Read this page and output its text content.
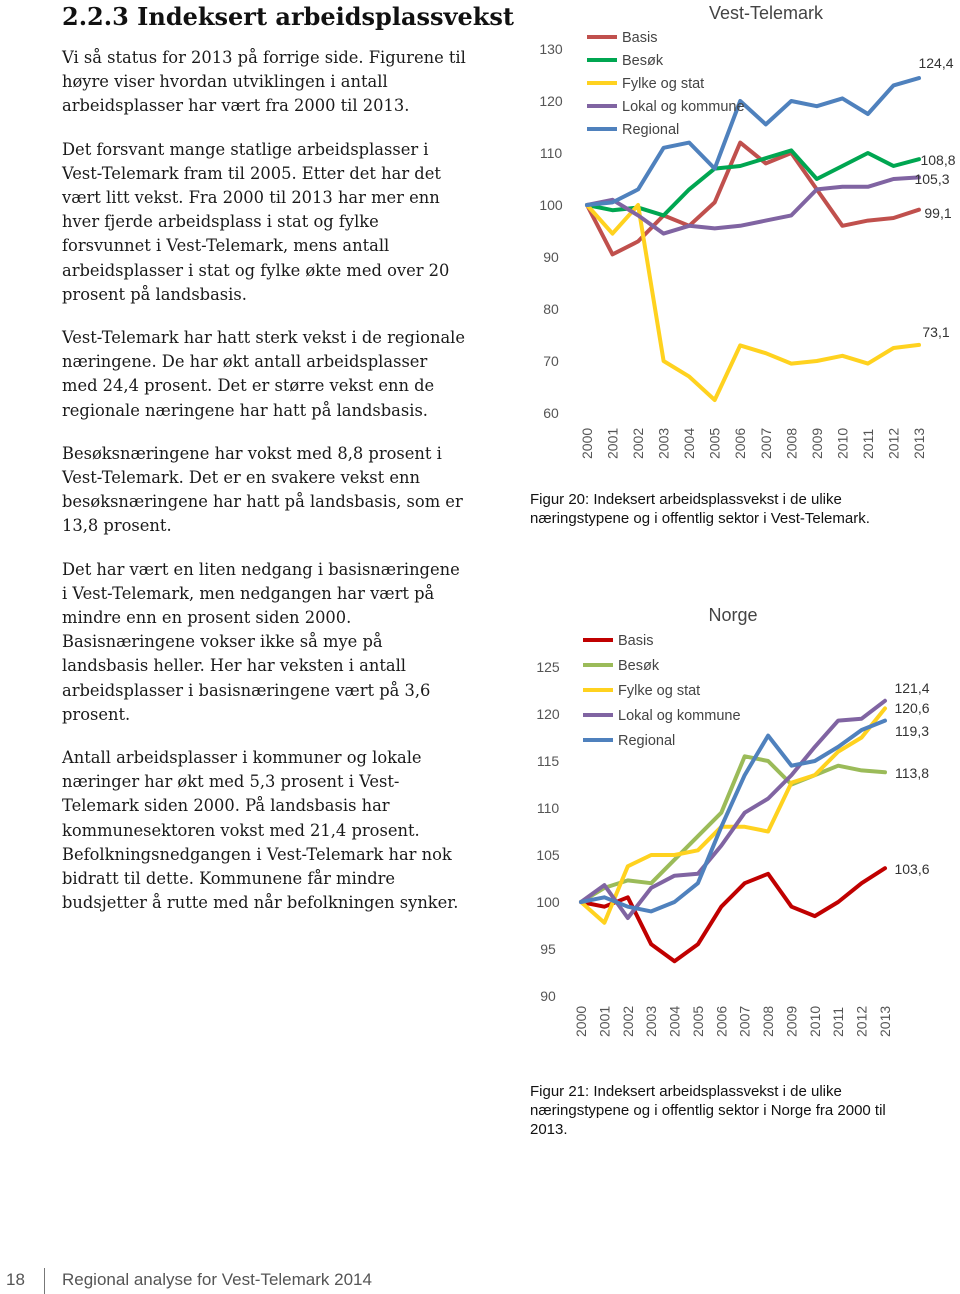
2.2.3 Indeksert arbeidsplassvekst

Vi så status for 2013 på forrige side. Figurene til høyre viser hvordan utviklingen i antall arbeidsplasser har vært fra 2000 til 2013.

Det forsvant mange statlige arbeidsplasser i Vest-Telemark fram til 2005. Etter det har det vært litt vekst. Fra 2000 til 2013 har mer enn hver fjerde arbeidsplass i stat og fylke forsvunnet i Vest-Telemark, mens antall arbeidsplasser i stat og fylke økte med over 20 prosent på landsbasis.

Vest-Telemark har hatt sterk vekst i de regionale næringene. De har økt antall arbeidsplasser med 24,4 prosent. Det er større vekst enn de regionale næringene har hatt på landsbasis.

Besøksnæringene har vokst med 8,8 prosent i Vest-Telemark. Det er en svakere vekst enn besøksnæringene har hatt på landsbasis, som er 13,8 prosent.

Det har vært en liten nedgang i basisnæringene i Vest-Telemark, men nedgangen har vært på mindre enn en prosent siden 2000. Basisnæringene vokser ikke så mye på landsbasis heller. Her har veksten i antall arbeidsplasser i basisnæringene vært på 3,6 prosent.

Antall arbeidsplasser i kommuner og lokale næringer har økt med 5,3 prosent i Vest-Telemark siden 2000. På landsbasis har kommunesektoren vokst med 21,4 prosent. Befolkningsnedgangen i Vest-Telemark har nok bidratt til dette. Kommunene får mindre budsjetter å rutte med når befolkningen synker.

Vest-Telemark
60
70
80
90
100
110
120
130
2000 2001 2002 2003 2004 2005 2006 2007 2008 2009 2010 2011 2012 2013
Basis
Besøk
Fylke og stat
Lokal og kommune
Regional
99,1
108,8
73,1
105,3
124,4
Figur 20: Indeksert arbeidsplassvekst i de ulike næringstypene og i offentlig sektor i Vest-Telemark.
Norge
90
95
100
105
110
115
120
125
2000 2001 2002 2003 2004 2005 2006 2007 2008 2009 2010 2011 2012 2013
Basis
Besøk
Fylke og stat
Lokal og kommune
Regional
103,6
113,8
120,6
121,4
119,3
Figur 21: Indeksert arbeidsplassvekst i de ulike næringstypene og i offentlig sektor i Norge fra 2000 til 2013.
18 Regional analyse for Vest-Telemark 2014
